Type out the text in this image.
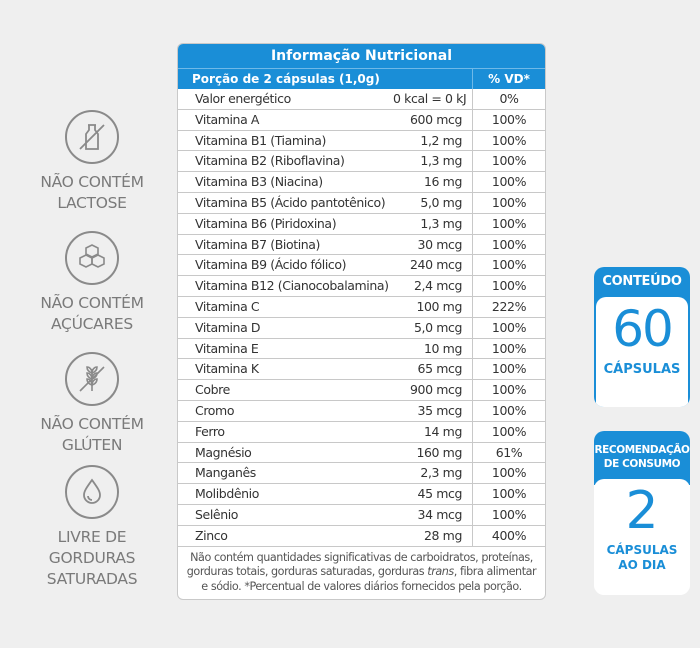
NÃO CONTÉM
LACTOSE
NÃO CONTÉM
AÇÚCARES
NÃO CONTÉM
GLÚTEN
LIVRE DE
GORDURAS
SATURADAS
Informação Nutricional
Porção de 2 cápsulas (1,0g)	% VD*
Valor energético	0 kcal = 0 kJ	0%
Vitamina A	600 mcg	100%
Vitamina B1 (Tiamina)	1,2 mg	100%
Vitamina B2 (Riboflavina)	1,3 mg	100%
Vitamina B3 (Niacina)	16 mg	100%
Vitamina B5 (Ácido pantotênico)	5,0 mg	100%
Vitamina B6 (Piridoxina)	1,3 mg	100%
Vitamina B7 (Biotina)	30 mcg	100%
Vitamina B9 (Ácido fólico)	240 mcg	100%
Vitamina B12 (Cianocobalamina)	2,4 mcg	100%
Vitamina C	100 mg	222%
Vitamina D	5,0 mcg	100%
Vitamina E	10 mg	100%
Vitamina K	65 mcg	100%
Cobre	900 mcg	100%
Cromo	35 mcg	100%
Ferro	14 mg	100%
Magnésio	160 mg	61%
Manganês	2,3 mg	100%
Molibdênio	45 mcg	100%
Selênio	34 mcg	100%
Zinco	28 mg	400%
Não contém quantidades significativas de carboidratos, proteínas, gorduras totais, gorduras saturadas, gorduras trans, fibra alimentar e sódio. *Percentual de valores diários fornecidos pela porção.
CONTEÚDO
60
CÁPSULAS
RECOMENDAÇÃO
DE CONSUMO
2
CÁPSULAS
AO DIA
